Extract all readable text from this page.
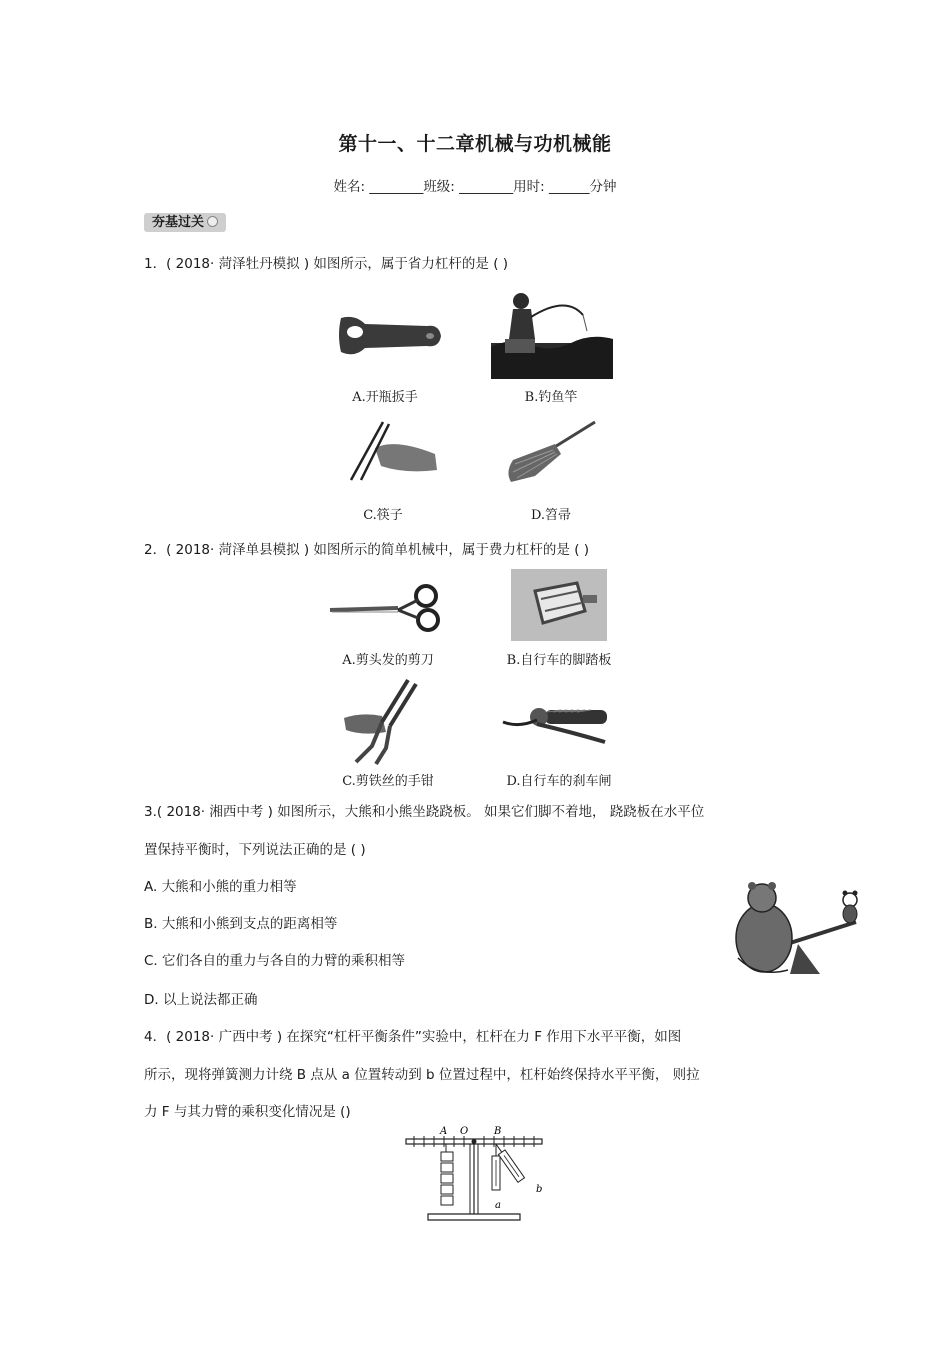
第十一、十二章机械与功机械能
姓名: ________班级: ________用时: ______分钟
夯基过关
1．( 2018· 菏泽牡丹模拟 ) 如图所示，属于省力杠杆的是 ( )
A.开瓶扳手	B.钓鱼竿
C.筷子	D.笤帚
2．( 2018· 菏泽单县模拟 ) 如图所示的简单机械中，属于费力杠杆的是 ( )
A.剪头发的剪刀	B.自行车的脚踏板
C.剪铁丝的手钳	D.自行车的刹车闸
3.( 2018· 湘西中考 ) 如图所示，大熊和小熊坐跷跷板。 如果它们脚不着地， 跷跷板在水平位
置保持平衡时，下列说法正确的是 ( )
A. 大熊和小熊的重力相等
B. 大熊和小熊到支点的距离相等
C. 它们各自的重力与各自的力臂的乘积相等
D. 以上说法都正确
4．( 2018· 广西中考 ) 在探究“杠杆平衡条件”实验中，杠杆在力 F 作用下水平平衡，如图
所示，现将弹簧测力计绕 B 点从 a 位置转动到 b 位置过程中，杠杆始终保持水平平衡， 则拉
力 F 与其力臂的乘积变化情况是 ()
A O	B
a
b
